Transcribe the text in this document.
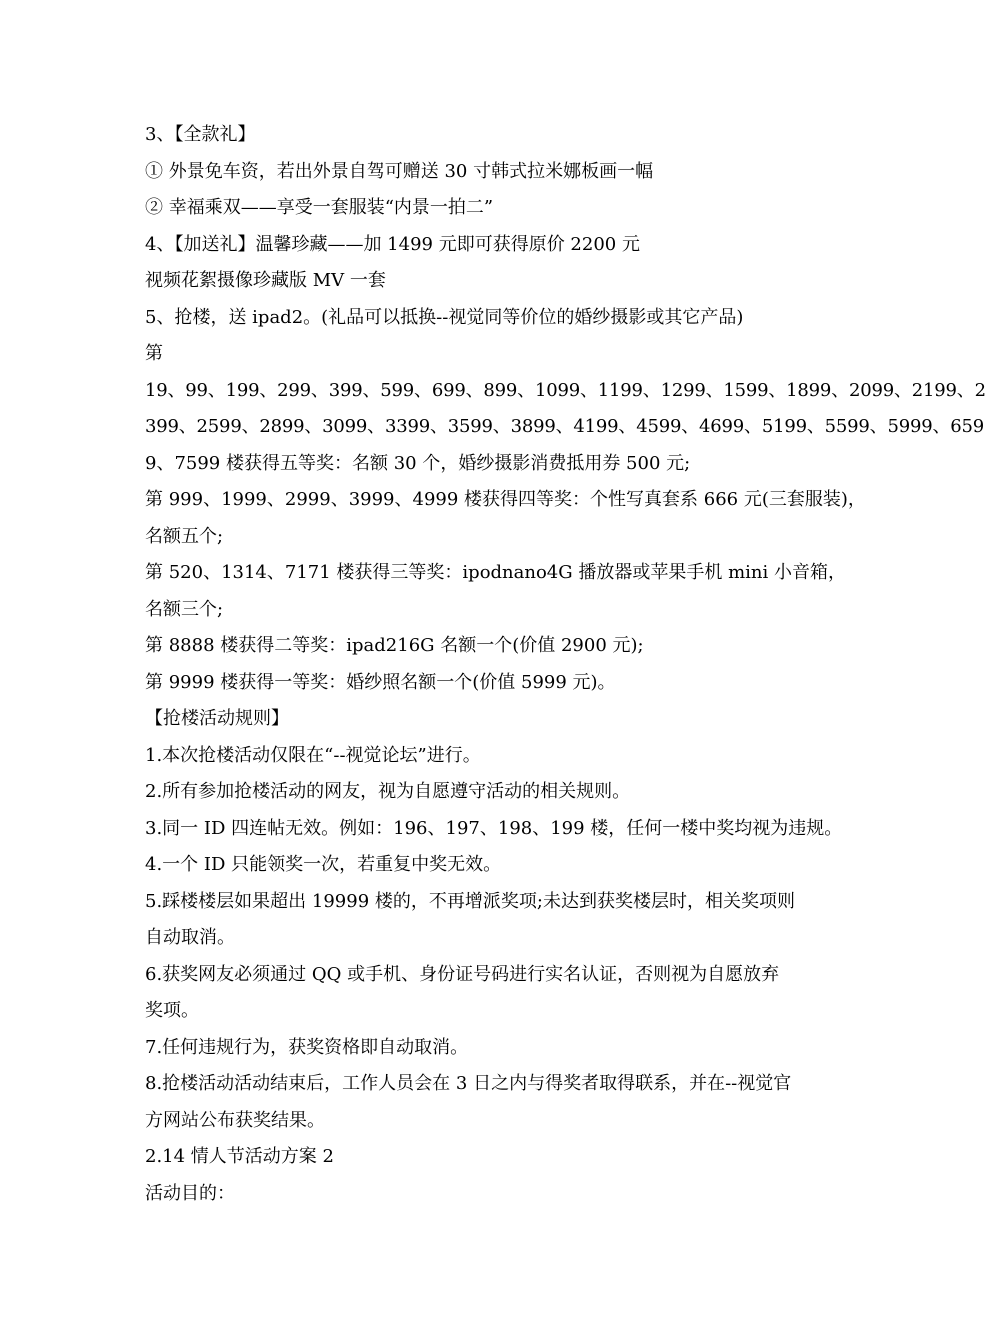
3、【全款礼】
① 外景免车资，若出外景自驾可赠送 30 寸韩式拉米娜板画一幅
② 幸福乘双——享受一套服装“内景一拍二”
4、【加送礼】温馨珍藏——加 1499 元即可获得原价 2200 元
视频花絮摄像珍藏版 MV 一套
5、抢楼，送 ipad2。(礼品可以抵换--视觉同等价位的婚纱摄影或其它产品)
第
19、99、199、299、399、599、699、899、1099、1199、1299、1599、1899、2099、2199、2
399、2599、2899、3099、3399、3599、3899、4199、4599、4699、5199、5599、5999、659
9、7599 楼获得五等奖：名额 30 个，婚纱摄影消费抵用券 500 元;
第 999、1999、2999、3999、4999 楼获得四等奖：个性写真套系 666 元(三套服装)，
名额五个;
第 520、1314、7171 楼获得三等奖：ipodnano4G 播放器或苹果手机 mini 小音箱，
名额三个;
第 8888 楼获得二等奖：ipad216G 名额一个(价值 2900 元);
第 9999 楼获得一等奖：婚纱照名额一个(价值 5999 元)。
【抢楼活动规则】
1.本次抢楼活动仅限在“--视觉论坛”进行。
2.所有参加抢楼活动的网友，视为自愿遵守活动的相关规则。
3.同一 ID 四连帖无效。例如：196、197、198、199 楼，任何一楼中奖均视为违规。
4.一个 ID 只能领奖一次，若重复中奖无效。
5.踩楼楼层如果超出 19999 楼的，不再增派奖项;未达到获奖楼层时，相关奖项则
自动取消。
6.获奖网友必须通过 QQ 或手机、身份证号码进行实名认证，否则视为自愿放弃
奖项。
7.任何违规行为，获奖资格即自动取消。
8.抢楼活动活动结束后，工作人员会在 3 日之内与得奖者取得联系，并在--视觉官
方网站公布获奖结果。
2.14 情人节活动方案 2
活动目的：
